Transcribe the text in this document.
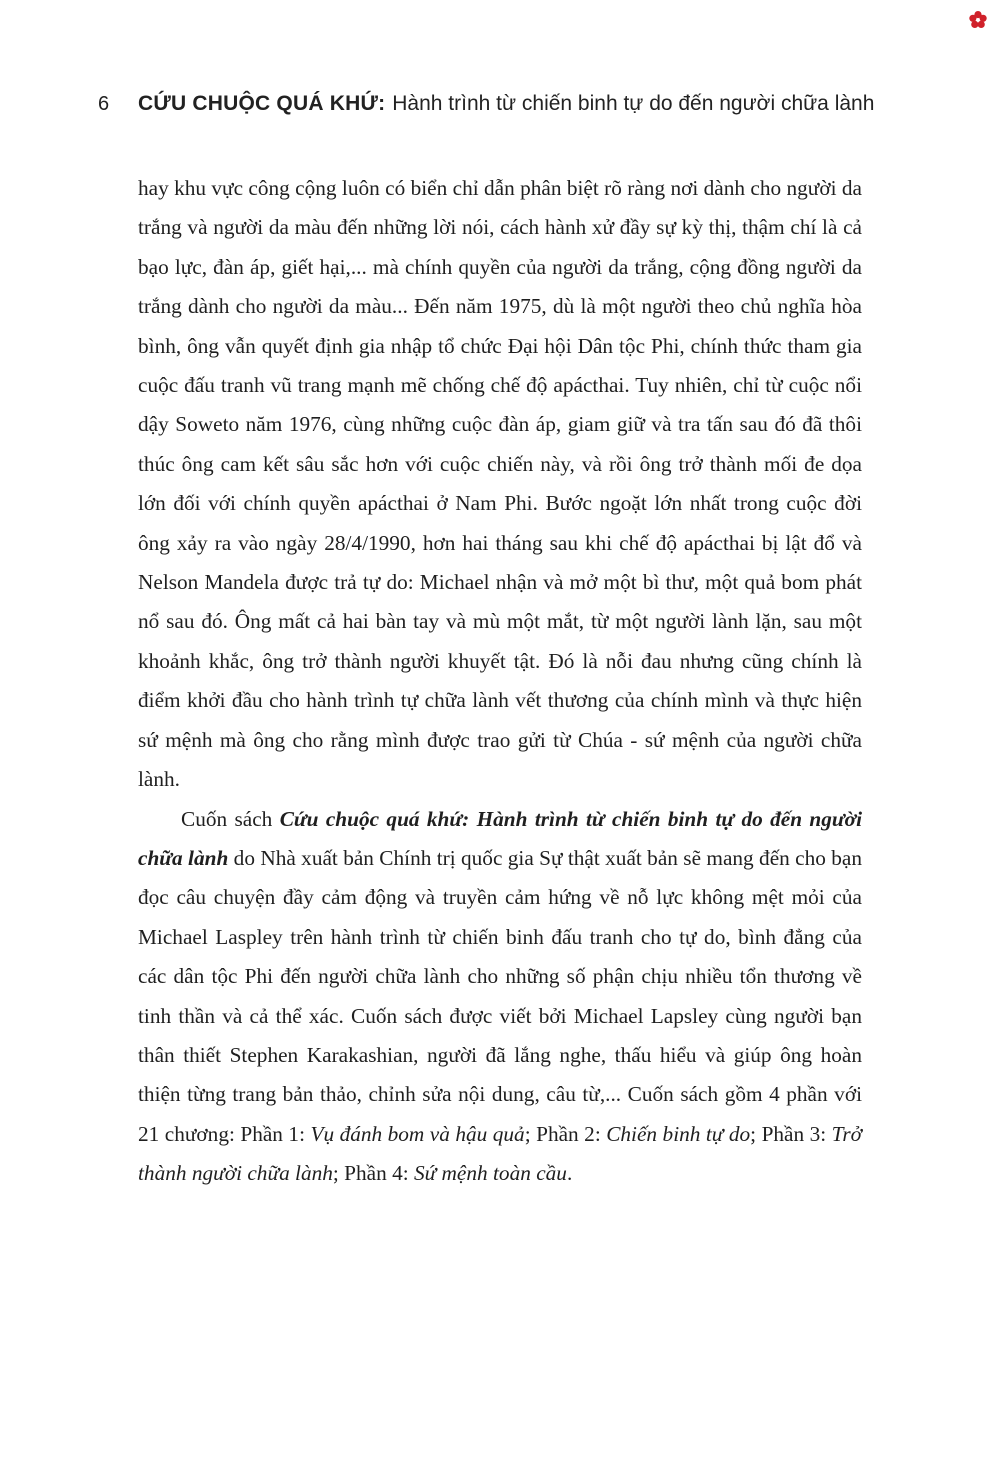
6	CỨU CHUỘC QUÁ KHỨ: Hành trình từ chiến binh tự do đến người chữa lành

hay khu vực công cộng luôn có biển chỉ dẫn phân biệt rõ ràng nơi dành cho người da trắng và người da màu đến những lời nói, cách hành xử đầy sự kỳ thị, thậm chí là cả bạo lực, đàn áp, giết hại,... mà chính quyền của người da trắng, cộng đồng người da trắng dành cho người da màu... Đến năm 1975, dù là một người theo chủ nghĩa hòa bình, ông vẫn quyết định gia nhập tổ chức Đại hội Dân tộc Phi, chính thức tham gia cuộc đấu tranh vũ trang mạnh mẽ chống chế độ apácthai. Tuy nhiên, chỉ từ cuộc nổi dậy Soweto năm 1976, cùng những cuộc đàn áp, giam giữ và tra tấn sau đó đã thôi thúc ông cam kết sâu sắc hơn với cuộc chiến này, và rồi ông trở thành mối đe dọa lớn đối với chính quyền apácthai ở Nam Phi. Bước ngoặt lớn nhất trong cuộc đời ông xảy ra vào ngày 28/4/1990, hơn hai tháng sau khi chế độ apácthai bị lật đổ và Nelson Mandela được trả tự do: Michael nhận và mở một bì thư, một quả bom phát nổ sau đó. Ông mất cả hai bàn tay và mù một mắt, từ một người lành lặn, sau một khoảnh khắc, ông trở thành người khuyết tật. Đó là nỗi đau nhưng cũng chính là điểm khởi đầu cho hành trình tự chữa lành vết thương của chính mình và thực hiện sứ mệnh mà ông cho rằng mình được trao gửi từ Chúa - sứ mệnh của người chữa lành.

Cuốn sách Cứu chuộc quá khứ: Hành trình từ chiến binh tự do đến người chữa lành do Nhà xuất bản Chính trị quốc gia Sự thật xuất bản sẽ mang đến cho bạn đọc câu chuyện đầy cảm động và truyền cảm hứng về nỗ lực không mệt mỏi của Michael Laspley trên hành trình từ chiến binh đấu tranh cho tự do, bình đẳng của các dân tộc Phi đến người chữa lành cho những số phận chịu nhiều tổn thương về tinh thần và cả thể xác. Cuốn sách được viết bởi Michael Lapsley cùng người bạn thân thiết Stephen Karakashian, người đã lắng nghe, thấu hiểu và giúp ông hoàn thiện từng trang bản thảo, chỉnh sửa nội dung, câu từ,... Cuốn sách gồm 4 phần với 21 chương: Phần 1: Vụ đánh bom và hậu quả; Phần 2: Chiến binh tự do; Phần 3: Trở thành người chữa lành; Phần 4: Sứ mệnh toàn cầu.
